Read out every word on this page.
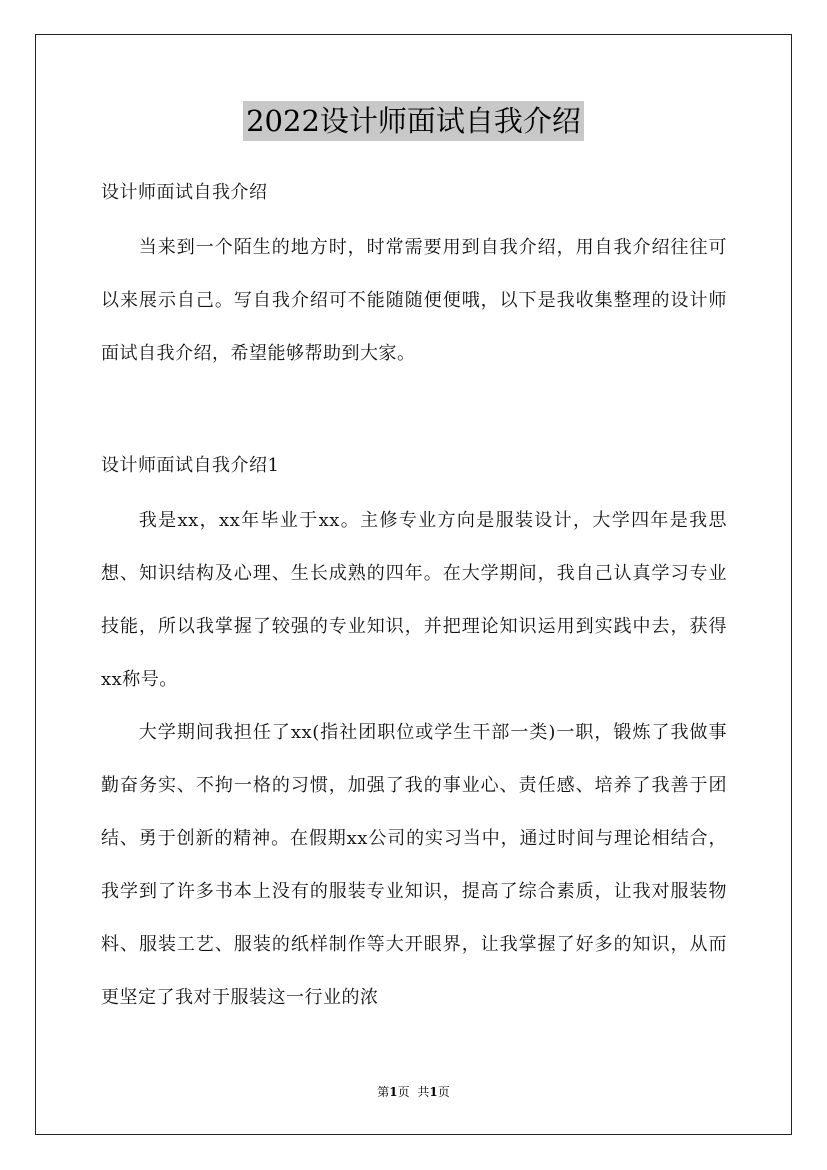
2022设计师面试自我介绍
设计师面试自我介绍

当来到一个陌生的地方时，时常需要用到自我介绍，用自我介绍往往可以来展示自己。写自我介绍可不能随随便便哦，以下是我收集整理的设计师面试自我介绍，希望能够帮助到大家。

设计师面试自我介绍1

我是xx，xx年毕业于xx。主修专业方向是服装设计，大学四年是我思想、知识结构及心理、生长成熟的四年。在大学期间，我自己认真学习专业技能，所以我掌握了较强的专业知识，并把理论知识运用到实践中去，获得xx称号。

大学期间我担任了xx(指社团职位或学生干部一类)一职，锻炼了我做事勤奋务实、不拘一格的习惯，加强了我的事业心、责任感、培养了我善于团结、勇于创新的精神。在假期xx公司的实习当中，通过时间与理论相结合，我学到了许多书本上没有的服装专业知识，提高了综合素质，让我对服装物料、服装工艺、服装的纸样制作等大开眼界，让我掌握了好多的知识，从而更坚定了我对于服装这一行业的浓

第1页 共1页
